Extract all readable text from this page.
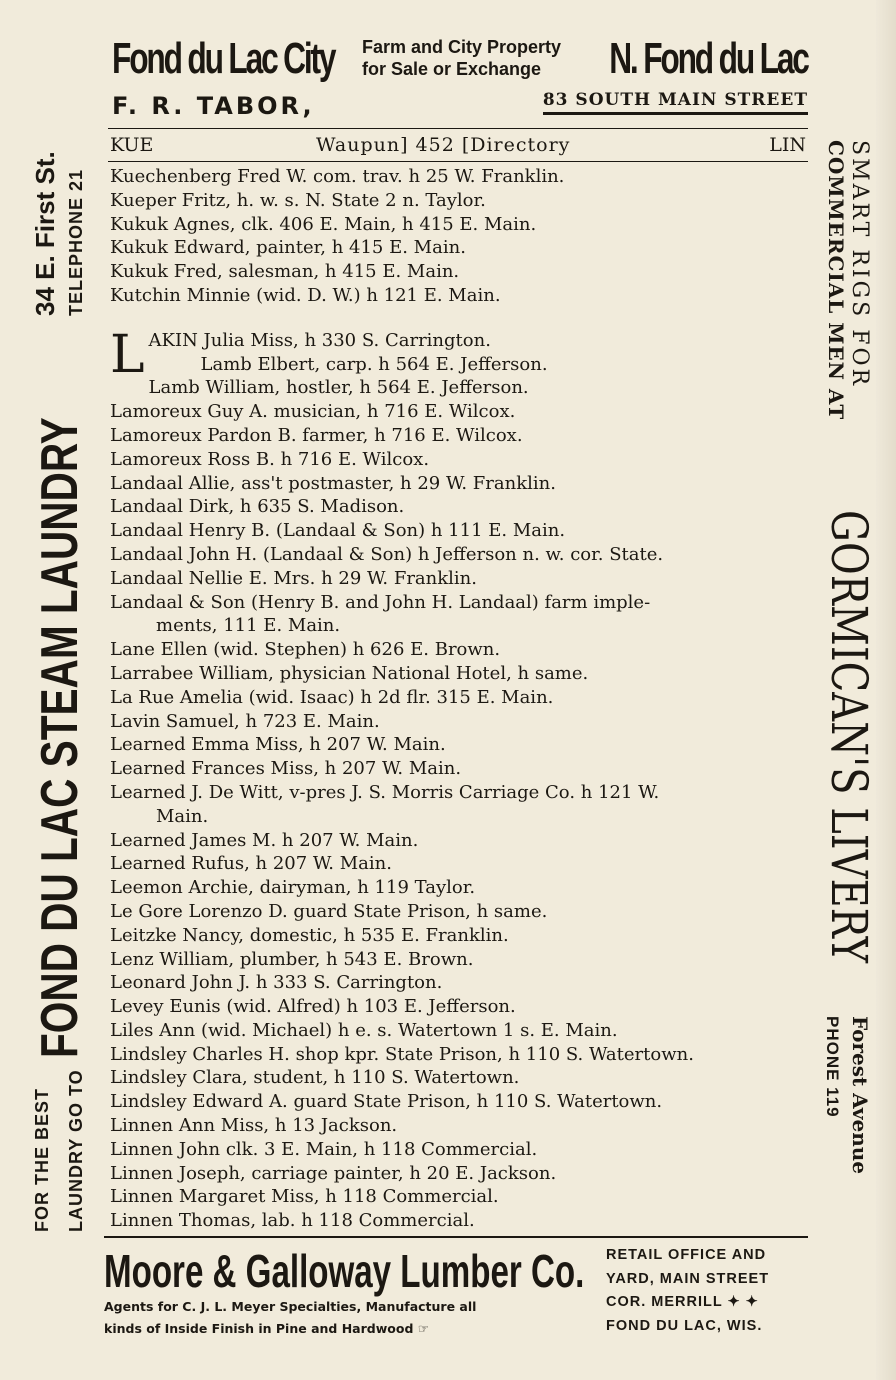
Fond du Lac City Farm and City Property
for Sale or Exchange	N. Fond du Lac
F. R. TABOR,	83 SOUTH MAIN STREET
KUE	Waupun] 452 [Directory	LIN
Kuechenberg Fred W. com. trav. h 25 W. Franklin.
Kueper Fritz, h. w. s. N. State 2 n. Taylor.
Kukuk Agnes, clk. 406 E. Main, h 415 E. Main.
Kukuk Edward, painter, h 415 E. Main.
Kukuk Fred, salesman, h 415 E. Main.
Kutchin Minnie (wid. D. W.) h 121 E. Main.
L AKIN Julia Miss, h 330 S. Carrington.
Lamb Elbert, carp. h 564 E. Jefferson.
Lamb William, hostler, h 564 E. Jefferson.
Lamoreux Guy A. musician, h 716 E. Wilcox.
Lamoreux Pardon B. farmer, h 716 E. Wilcox.
Lamoreux Ross B. h 716 E. Wilcox.
Landaal Allie, ass't postmaster, h 29 W. Franklin.
Landaal Dirk, h 635 S. Madison.
Landaal Henry B. (Landaal & Son) h 111 E. Main.
Landaal John H. (Landaal & Son) h Jefferson n. w. cor. State.
Landaal Nellie E. Mrs. h 29 W. Franklin.
Landaal & Son (Henry B. and John H. Landaal) farm imple-
ments, 111 E. Main.
Lane Ellen (wid. Stephen) h 626 E. Brown.
Larrabee William, physician National Hotel, h same.
La Rue Amelia (wid. Isaac) h 2d flr. 315 E. Main.
Lavin Samuel, h 723 E. Main.
Learned Emma Miss, h 207 W. Main.
Learned Frances Miss, h 207 W. Main.
Learned J. De Witt, v-pres J. S. Morris Carriage Co. h 121 W.
Main.
Learned James M. h 207 W. Main.
Learned Rufus, h 207 W. Main.
Leemon Archie, dairyman, h 119 Taylor.
Le Gore Lorenzo D. guard State Prison, h same.
Leitzke Nancy, domestic, h 535 E. Franklin.
Lenz William, plumber, h 543 E. Brown.
Leonard John J. h 333 S. Carrington.
Levey Eunis (wid. Alfred) h 103 E. Jefferson.
Liles Ann (wid. Michael) h e. s. Watertown 1 s. E. Main.
Lindsley Charles H. shop kpr. State Prison, h 110 S. Watertown.
Lindsley Clara, student, h 110 S. Watertown.
Lindsley Edward A. guard State Prison, h 110 S. Watertown.
Linnen Ann Miss, h 13 Jackson.
Linnen John clk. 3 E. Main, h 118 Commercial.
Linnen Joseph, carriage painter, h 20 E. Jackson.
Linnen Margaret Miss, h 118 Commercial.
Linnen Thomas, lab. h 118 Commercial.
FOR THE BEST LAUNDRY GO TO
FOND DU LAC STEAM LAUNDRY
34 E. First St. TELEPHONE 21	SMART RIGS FOR
COMMERCIAL MEN AT
GORMICAN'S LIVERY
Forest Avenue
PHONE 119
Moore & Galloway Lumber Co.
Agents for C. J. L. Meyer Specialties, Manufacture all
kinds of Inside Finish in Pine and Hardwood ☞
RETAIL OFFICE AND
YARD, MAIN STREET
COR. MERRILL ✦ ✦
FOND DU LAC, WIS.
